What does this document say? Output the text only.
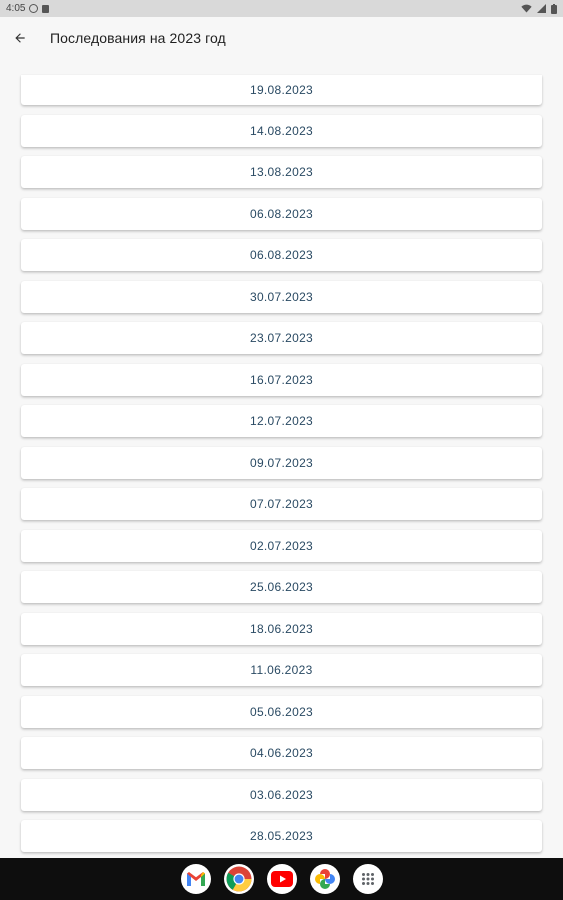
4:05
Последования на 2023 год
19.08.2023
14.08.2023
13.08.2023
06.08.2023
06.08.2023
30.07.2023
23.07.2023
16.07.2023
12.07.2023
09.07.2023
07.07.2023
02.07.2023
25.06.2023
18.06.2023
11.06.2023
05.06.2023
04.06.2023
03.06.2023
28.05.2023
